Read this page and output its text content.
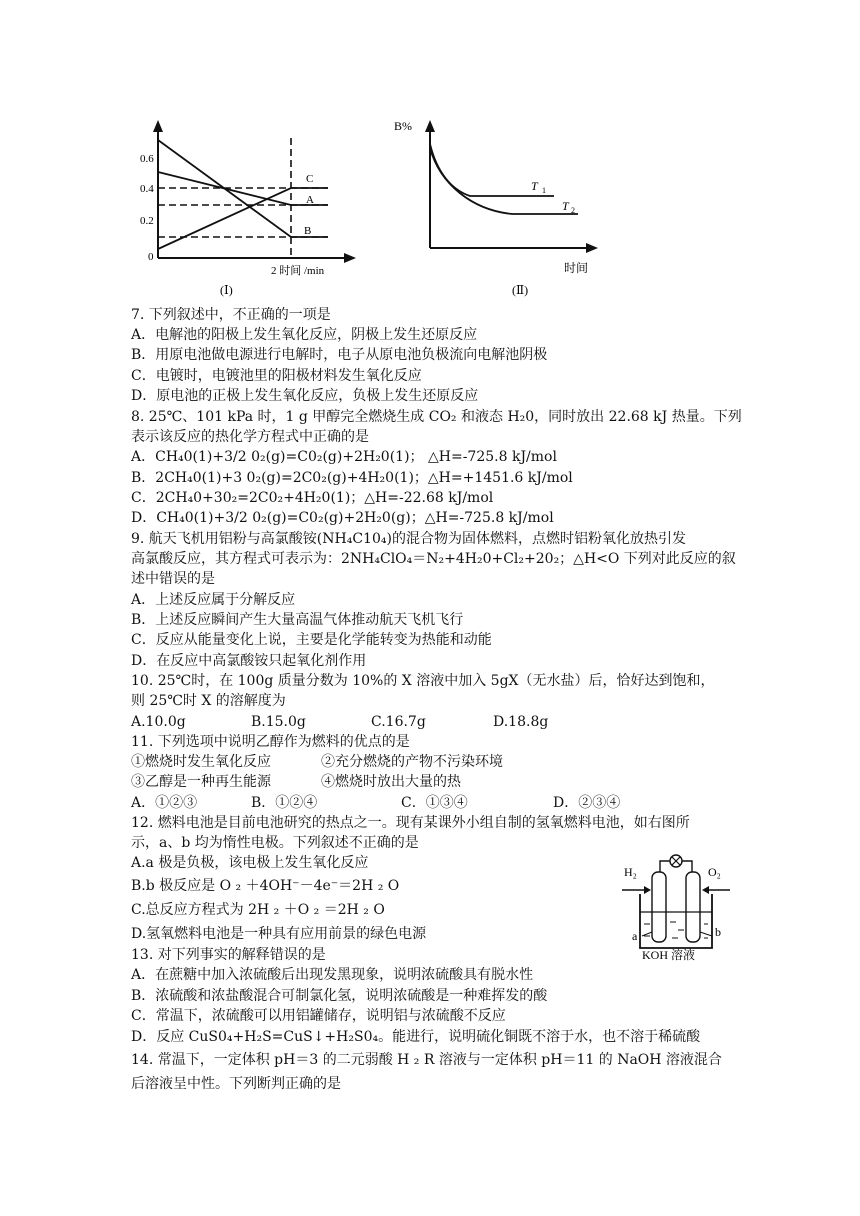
0.6
0.4
0.2
0
C
A
B
2 时间 /min
(Ⅰ)
B%
T 1
T 2
时间
(Ⅱ)
7. 下列叙述中，不正确的一项是
A．电解池的阳极上发生氧化反应，阴极上发生还原反应
B．用原电池做电源进行电解时，电子从原电池负极流向电解池阴极
C．电镀时，电镀池里的阳极材料发生氧化反应
D．原电池的正极上发生氧化反应，负极上发生还原反应
8. 25℃、101 kPa 时，1 g 甲醇完全燃烧生成 CO₂ 和液态 H₂0，同时放出 22.68 kJ 热量。下列
表示该反应的热化学方程式中正确的是
A．CH₄0(1)+3/2 0₂(g)=C0₂(g)+2H₂0(1)； △H=-725.8 kJ/mol
B．2CH₄0(1)+3 0₂(g)=2C0₂(g)+4H₂0(1)；△H=+1451.6 kJ/mol
C．2CH₄0+30₂=2C0₂+4H₂0(1)；△H=-22.68 kJ/mol
D．CH₄0(1)+3/2 0₂(g)=C0₂(g)+2H₂0(g)；△H=-725.8 kJ/mol
9. 航天飞机用铝粉与高氯酸铵(NH₄C10₄)的混合物为固体燃料，点燃时铝粉氧化放热引发
高氯酸反应，其方程式可表示为：2NH₄ClO₄＝N₂+4H₂0+Cl₂+20₂；△H<O 下列对此反应的叙
述中错误的是
A．上述反应属于分解反应
B．上述反应瞬间产生大量高温气体推动航天飞机飞行
C．反应从能量变化上说，主要是化学能转变为热能和动能
D．在反应中高氯酸铵只起氧化剂作用
10. 25℃时，在 100g 质量分数为 10%的 X 溶液中加入 5gX（无水盐）后，恰好达到饱和，
则 25℃时 X 的溶解度为
A.10.0g	B.15.0g	C.16.7g	D.18.8g
11. 下列选项中说明乙醇作为燃料的优点的是
①燃烧时发生氧化反应	②充分燃烧的产物不污染环境
③乙醇是一种再生能源	④燃烧时放出大量的热
A．①②③	B．①②④	C．①③④	D．②③④
12. 燃料电池是目前电池研究的热点之一。现有某课外小组自制的氢氧燃料电池，如右图所
示，a、b 均为惰性电极。下列叙述不正确的是
A.a 极是负极，该电极上发生氧化反应
B.b 极反应是 O ₂ ＋4OH⁻－4e⁻＝2H ₂ O
C.总反应方程式为 2H ₂ ＋O ₂ ＝2H ₂ O
D.氢氧燃料电池是一种具有应用前景的绿色电源
H₂	O₂
a	b
KOH 溶液
13. 对下列事实的解释错误的是
A．在蔗糖中加入浓硫酸后出现发黑现象，说明浓硫酸具有脱水性
B．浓硫酸和浓盐酸混合可制氯化氢，说明浓硫酸是一种难挥发的酸
C．常温下，浓硫酸可以用铝罐储存，说明铝与浓硫酸不反应
D．反应 CuS0₄+H₂S=CuS↓+H₂S0₄。能进行，说明硫化铜既不溶于水，也不溶于稀硫酸
14. 常温下，一定体积 pH＝3 的二元弱酸 H ₂ R 溶液与一定体积 pH＝11 的 NaOH 溶液混合
后溶液呈中性。下列断判正确的是
